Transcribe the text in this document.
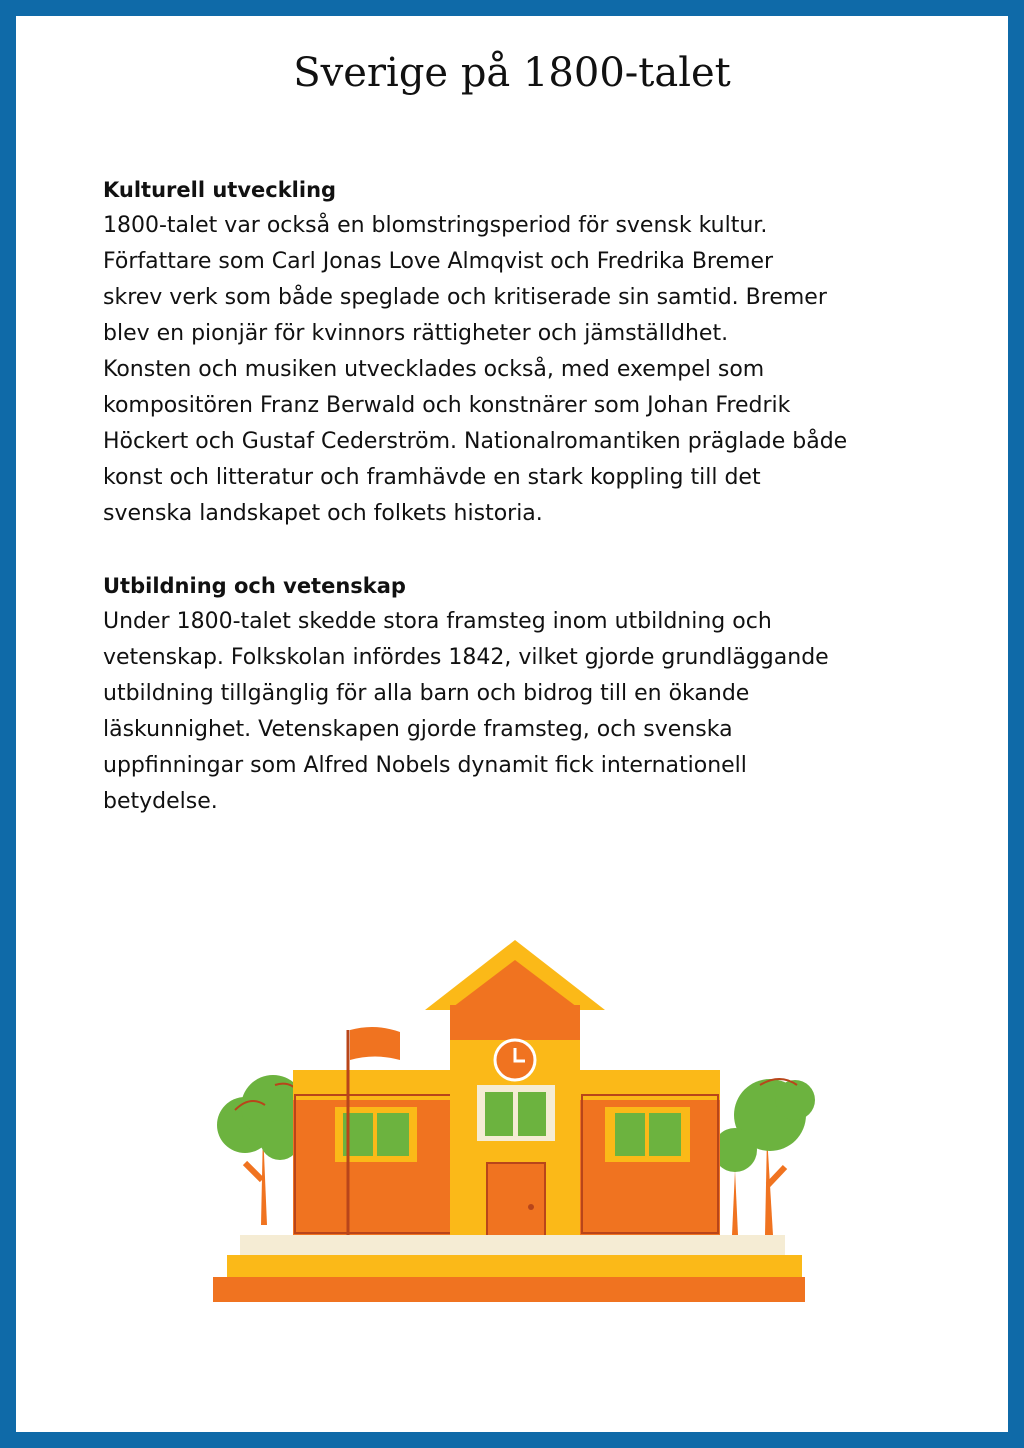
Sverige på 1800-talet

Kulturell utveckling

1800-talet var också en blomstringsperiod för svensk kultur.
Författare som Carl Jonas Love Almqvist och Fredrika Bremer
skrev verk som både speglade och kritiserade sin samtid. Bremer
blev en pionjär för kvinnors rättigheter och jämställdhet.
Konsten och musiken utvecklades också, med exempel som
kompositören Franz Berwald och konstnärer som Johan Fredrik
Höckert och Gustaf Cederström. Nationalromantiken präglade både
konst och litteratur och framhävde en stark koppling till det
svenska landskapet och folkets historia.

Utbildning och vetenskap

Under 1800-talet skedde stora framsteg inom utbildning och
vetenskap. Folkskolan infördes 1842, vilket gjorde grundläggande
utbildning tillgänglig för alla barn och bidrog till en ökande
läskunnighet. Vetenskapen gjorde framsteg, och svenska
uppfinningar som Alfred Nobels dynamit fick internationell
betydelse.
